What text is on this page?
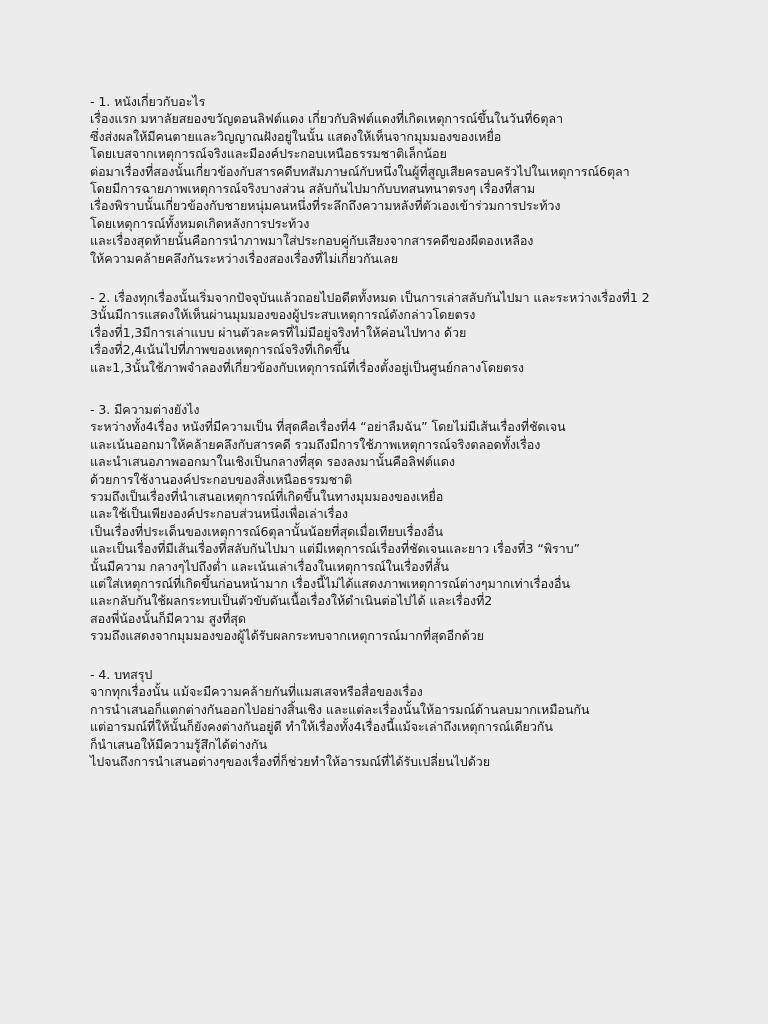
- 1. หนังเกี่ยวกับอะไร
เรื่องแรก มหาลัยสยองขวัญตอนลิฟต์แดง เกี่ยวกับลิฟต์แดงที่เกิดเหตุการณ์ขึ้นในวันที่6ตุลา
ซึ่งส่งผลให้มีคนตายและวิญญาณฝังอยู่ในนั้น แสดงให้เห็นจากมุมมองของเหยื่อ
โดยเบสจากเหตุการณ์จริงและมีองค์ประกอบเหนือธรรมชาติเล็กน้อย
ต่อมาเรื่องที่สองนั้นเกี่ยวข้องกับสารคดีบทสัมภาษณ์กับหนึ่งในผู้ที่สูญเสียครอบครัวไปในเหตุการณ์6ตุลา
โดยมีการฉายภาพเหตุการณ์จริงบางส่วน สลับกันไปมากับบทสนทนาตรงๆ เรื่องที่สาม
เรื่องพิราบนั้นเกี่ยวข้องกับชายหนุ่มคนหนึ่งที่ระลึกถึงความหลังที่ตัวเองเข้าร่วมการประท้วง
โดยเหตุการณ์ทั้งหมดเกิดหลังการประท้วง
และเรื่องสุดท้ายนั้นคือการนำภาพมาใส่ประกอบคู่กับเสียงจากสารคดีของผีตองเหลือง
ให้ความคล้ายคลึงกันระหว่างเรื่องสองเรื่องที่ไม่เกี่ยวกันเลย
- 2. เรื่องทุกเรื่องนั้นเริ่มจากปัจจุบันแล้วถอยไปอดีตทั้งหมด เป็นการเล่าสลับกันไปมา และระหว่างเรื่องที่1 2
3นั้นมีการแสดงให้เห็นผ่านมุมมองของผู้ประสบเหตุการณ์ดังกล่าวโดยตรง
เรื่องที่1,3มีการเล่าแบบ ผ่านตัวละครที่ไม่มีอยู่จริงทำให้ค่อนไปทาง ด้วย
เรื่องที่2,4เน้นไปที่ภาพของเหตุการณ์จริงที่เกิดขึ้น
และ1,3นั้นใช้ภาพจำลองที่เกี่ยวข้องกับเหตุการณ์ที่เรื่องตั้งอยู่เป็นศูนย์กลางโดยตรง
- 3. มีความต่างยังไง
ระหว่างทั้ง4เรื่อง หนังที่มีความเป็น ที่สุดคือเรื่องที่4 “อย่าลืมฉัน” โดยไม่มีเส้นเรื่องที่ชัดเจน
และเน้นออกมาให้คล้ายคลึงกับสารคดี รวมถึงมีการใช้ภาพเหตุการณ์จริงตลอดทั้งเรื่อง
และนำเสนอภาพออกมาในเชิงเป็นกลางที่สุด รองลงมานั้นคือลิฟต์แดง
ด้วยการใช้งานองค์ประกอบของสิ่งเหนือธรรมชาติ
รวมถึงเป็นเรื่องที่นำเสนอเหตุการณ์ที่เกิดขึ้นในทางมุมมองของเหยื่อ
และใช้เป็นเพียงองค์ประกอบส่วนหนึ่งเพื่อเล่าเรื่อง
เป็นเรื่องที่ประเด็นของเหตุการณ์6ตุลานั้นน้อยที่สุดเมื่อเทียบเรื่องอื่น
และเป็นเรื่องที่มีเส้นเรื่องที่สลับกันไปมา แต่มีเหตุการณ์เรื่องที่ชัดเจนและยาว เรื่องที่3 “พิราบ”
นั้นมีความ กลางๆไปถึงต่ำ และเน้นเล่าเรื่องในเหตุการณ์ในเรื่องที่สั้น
แต่ใส่เหตุการณ์ที่เกิดขึ้นก่อนหน้ามาก เรื่องนี้ไม่ได้แสดงภาพเหตุการณ์ต่างๆมากเท่าเรื่องอื่น
และกลับกันใช้ผลกระทบเป็นตัวขับดันเนื้อเรื่องให้ดำเนินต่อไปได้ และเรื่องที่2
สองพี่น้องนั้นก็มีความ สูงที่สุด
รวมถึงแสดงจากมุมมองของผู้ได้รับผลกระทบจากเหตุการณ์มากที่สุดอีกด้วย
- 4. บทสรุป
จากทุกเรื่องนั้น แม้จะมีความคล้ายกันที่แมสเสจหรือสื่อของเรื่อง
การนำเสนอก็แตกต่างกันออกไปอย่างสิ้นเชิง และแต่ละเรื่องนั้นให้อารมณ์ด้านลบมากเหมือนกัน
แต่อารมณ์ที่ให้นั้นก็ยังคงต่างกันอยู่ดี ทำให้เรื่องทั้ง4เรื่องนี้แม้จะเล่าถึงเหตุการณ์เดียวกัน
ก็นำเสนอให้มีความรู้สึกได้ต่างกัน
ไปจนถึงการนำเสนอต่างๆของเรื่องที่ก็ช่วยทำให้อารมณ์ที่ได้รับเปลี่ยนไปด้วย
